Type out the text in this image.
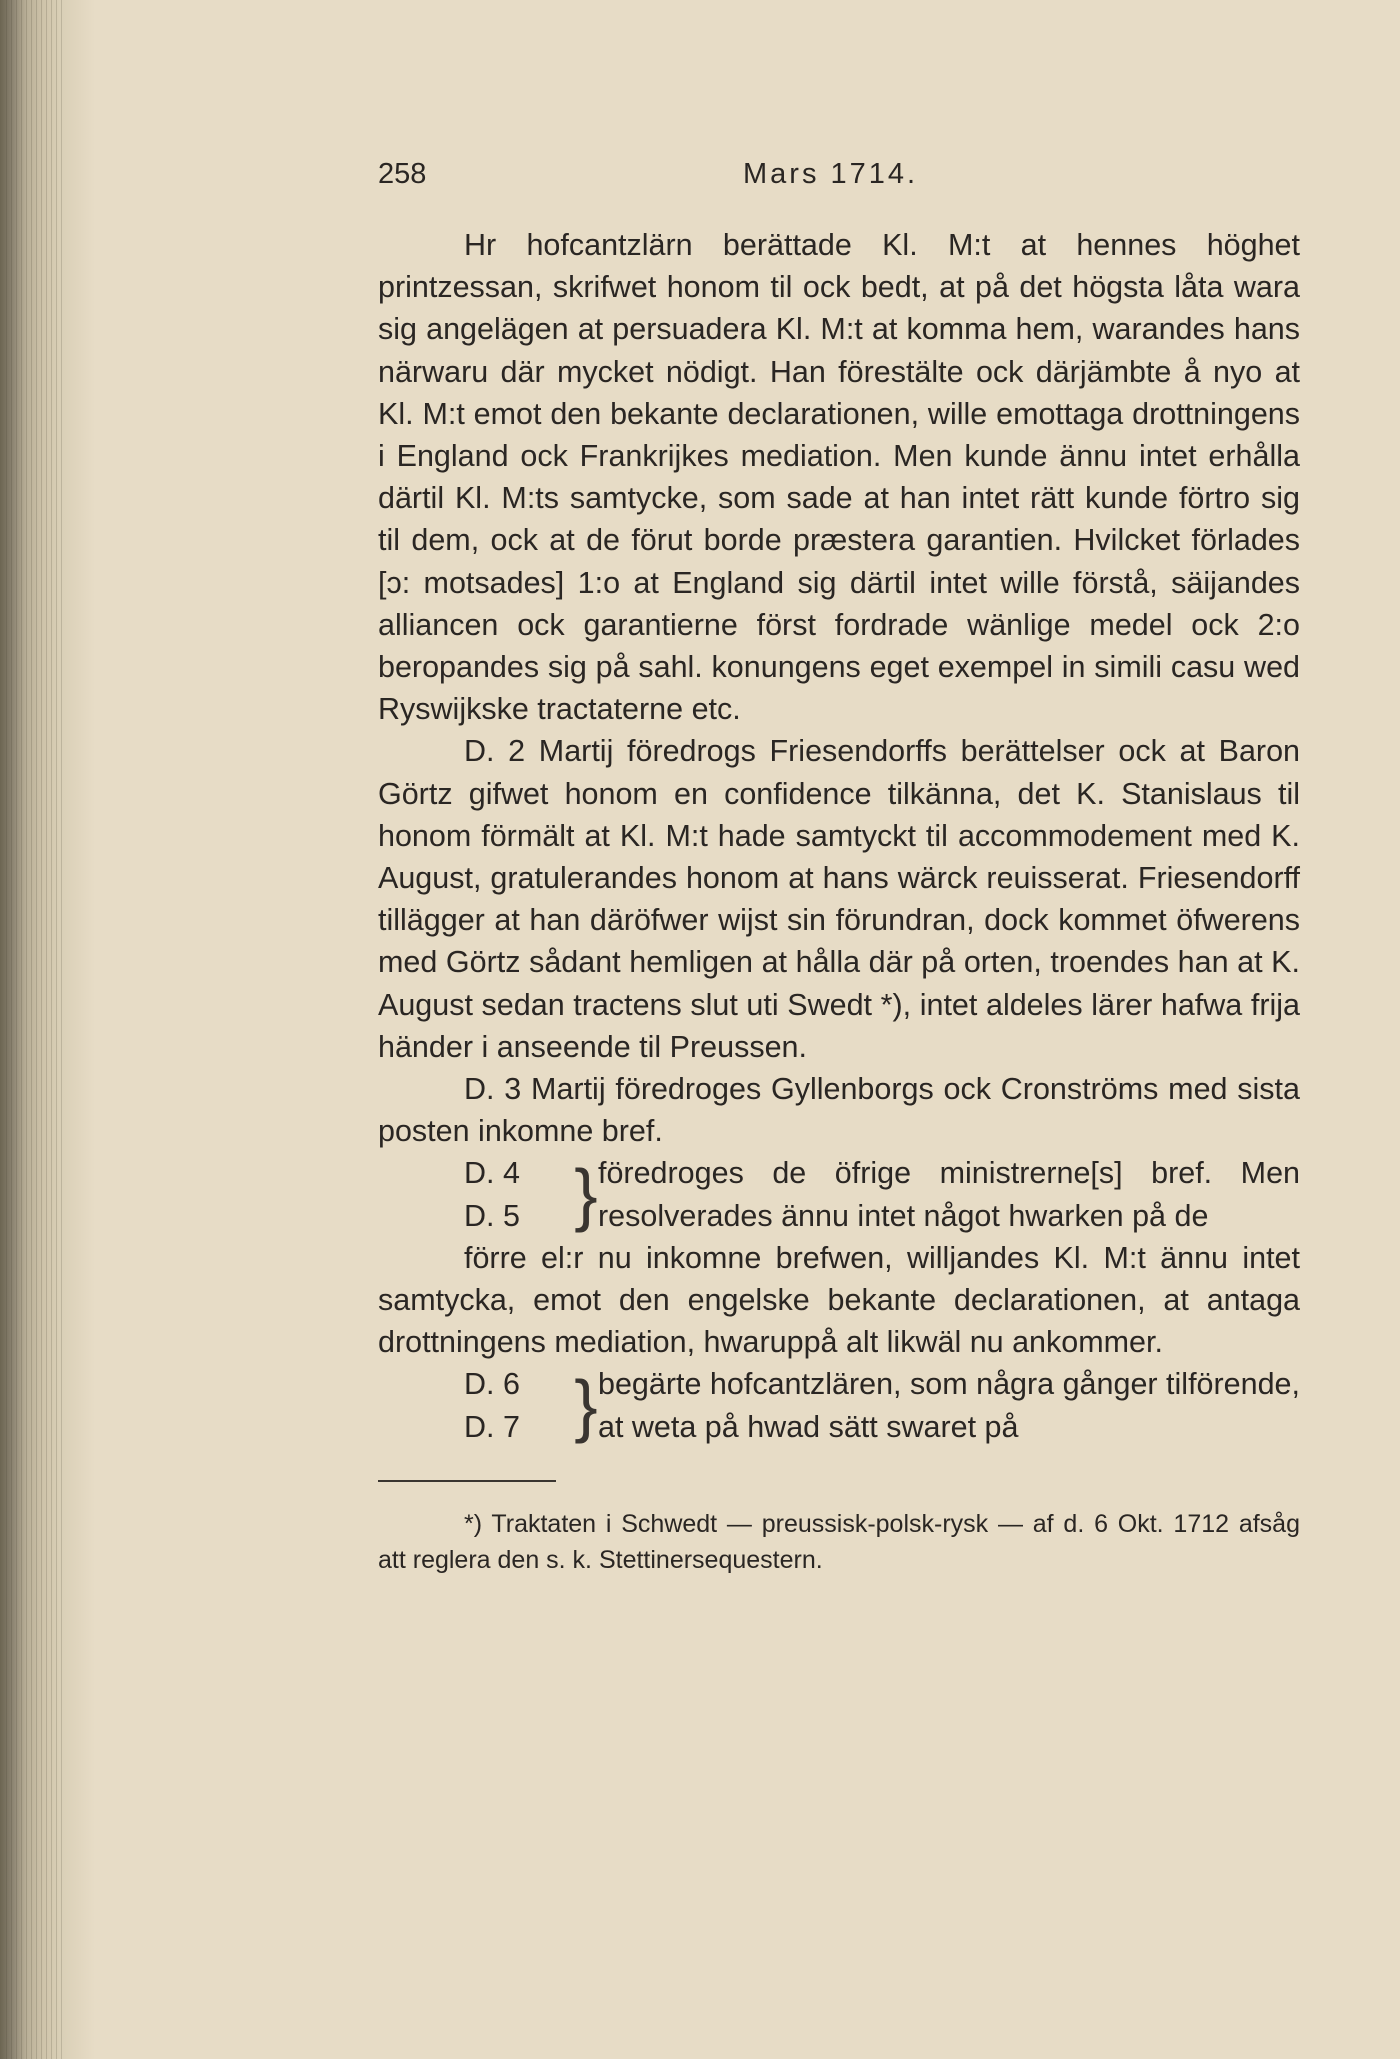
258	Mars 1714.

Hr hofcantzlärn berättade Kl. M:t at hennes höghet printzessan, skrifwet honom til ock bedt, at på det högsta låta wara sig angelägen at persuadera Kl. M:t at komma hem, warandes hans närwaru där mycket nödigt. Han förestälte ock därjämbte å nyo at Kl. M:t emot den bekante declarationen, wille emottaga drottningens i England ock Frankrijkes mediation. Men kunde ännu intet erhålla därtil Kl. M:ts samtycke, som sade at han intet rätt kunde förtro sig til dem, ock at de förut borde præstera garantien. Hvilcket förlades [ɔ: motsades] 1:o at England sig därtil intet wille förstå, säijandes alliancen ock garantierne först fordrade wänlige medel ock 2:o beropandes sig på sahl. konungens eget exempel in simili casu wed Ryswijkske tractaterne etc.

D. 2 Martij föredrogs Friesendorffs berättelser ock at Baron Görtz gifwet honom en confidence tilkänna, det K. Stanislaus til honom förmält at Kl. M:t hade samtyckt til accommodement med K. August, gratulerandes honom at hans wärck reuisserat. Friesendorff tillägger at han däröfwer wijst sin förundran, dock kommet öfwerens med Görtz sådant hemligen at hålla där på orten, troendes han at K. August sedan tractens slut uti Swedt *), intet aldeles lärer hafwa frija händer i anseende til Preussen.

D. 3 Martij föredroges Gyllenborgs ock Cronströms med sista posten inkomne bref.

D. 4
D. 5 } föredroges de öfrige ministrerne[s] bref. Men resolverades ännu intet något hwarken på de

förre el:r nu inkomne brefwen, willjandes Kl. M:t ännu intet samtycka, emot den engelske bekante declarationen, at antaga drottningens mediation, hwaruppå alt likwäl nu ankommer.

D. 6
D. 7 } begärte hofcantzlären, som några gånger tilförende, at weta på hwad sätt swaret på
*) Traktaten i Schwedt — preussisk-polsk-rysk — af d. 6 Okt. 1712 afsåg att reglera den s. k. Stettinersequestern.
